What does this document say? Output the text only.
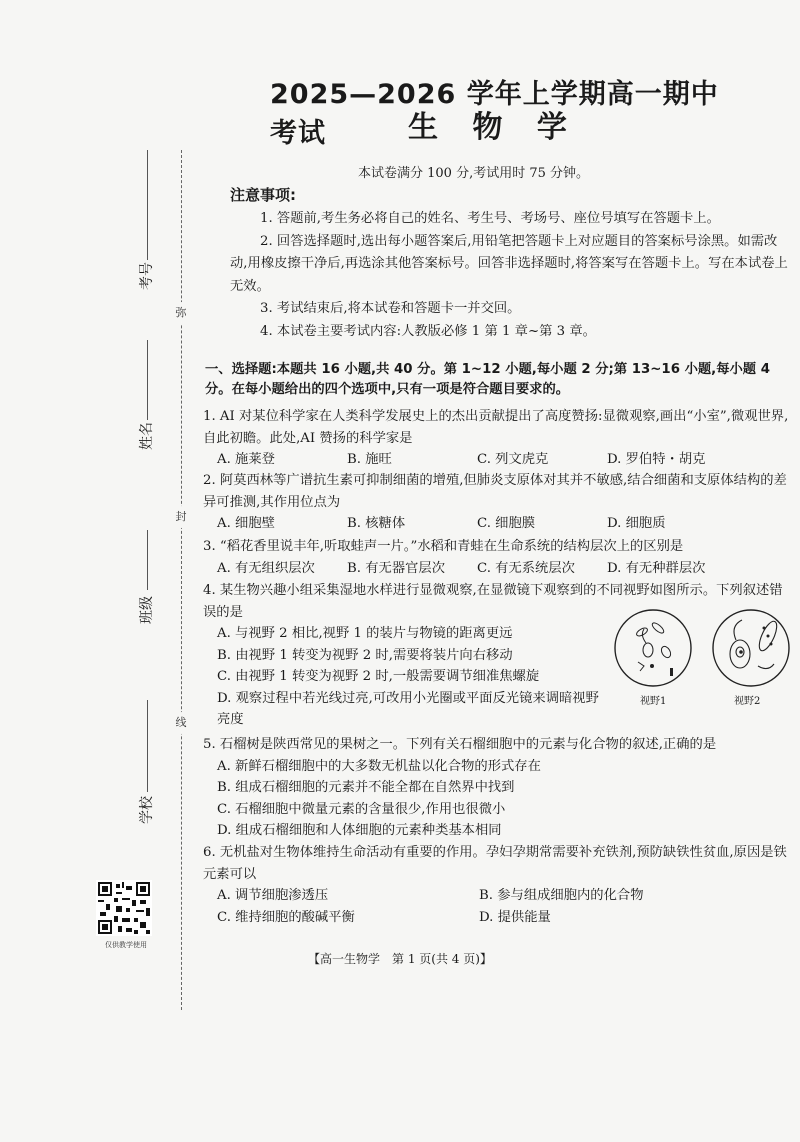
弥
封
线
考号
姓名
班级
学校
仅供教学使用
2025—2026 学年上学期高一期中考试	生 物 学
本试卷满分 100 分,考试用时 75 分钟。
注意事项:

1. 答题前,考生务必将自己的姓名、考生号、考场号、座位号填写在答题卡上。

2. 回答选择题时,选出每小题答案后,用铅笔把答题卡上对应题目的答案标号涂黑。如需改动,用橡皮擦干净后,再选涂其他答案标号。回答非选择题时,将答案写在答题卡上。写在本试卷上无效。

3. 考试结束后,将本试卷和答题卡一并交回。

4. 本试卷主要考试内容:人教版必修 1 第 1 章~第 3 章。

一、选择题:本题共 16 小题,共 40 分。第 1~12 小题,每小题 2 分;第 13~16 小题,每小题 4 分。在每小题给出的四个选项中,只有一项是符合题目要求的。
1. AI 对某位科学家在人类科学发展史上的杰出贡献提出了高度赞扬:显微观察,画出“小室”,微观世界,自此初瞻。此处,AI 赞扬的科学家是
A. 施莱登	B. 施旺	C. 列文虎克	D. 罗伯特・胡克
2. 阿莫西林等广谱抗生素可抑制细菌的增殖,但肺炎支原体对其并不敏感,结合细菌和支原体结构的差异可推测,其作用位点为
A. 细胞壁	B. 核糖体	C. 细胞膜	D. 细胞质
3. “稻花香里说丰年,听取蛙声一片。”水稻和青蛙在生命系统的结构层次上的区别是
A. 有无组织层次	B. 有无器官层次	C. 有无系统层次	D. 有无种群层次
4. 某生物兴趣小组采集湿地水样进行显微观察,在显微镜下观察到的不同视野如图所示。下列叙述错误的是
A. 与视野 2 相比,视野 1 的装片与物镜的距离更远
B. 由视野 1 转变为视野 2 时,需要将装片向右移动
C. 由视野 1 转变为视野 2 时,一般需要调节细准焦螺旋
D. 观察过程中若光线过亮,可改用小光圈或平面反光镜来调暗视野亮度
视野1	视野2
5. 石榴树是陕西常见的果树之一。下列有关石榴细胞中的元素与化合物的叙述,正确的是
A. 新鲜石榴细胞中的大多数无机盐以化合物的形式存在
B. 组成石榴细胞的元素并不能全都在自然界中找到
C. 石榴细胞中微量元素的含量很少,作用也很微小
D. 组成石榴细胞和人体细胞的元素种类基本相同
6. 无机盐对生物体维持生命活动有重要的作用。孕妇孕期常需要补充铁剂,预防缺铁性贫血,原因是铁元素可以
A. 调节细胞渗透压	B. 参与组成细胞内的化合物
C. 维持细胞的酸碱平衡	D. 提供能量
【高一生物学　第 1 页(共 4 页)】
